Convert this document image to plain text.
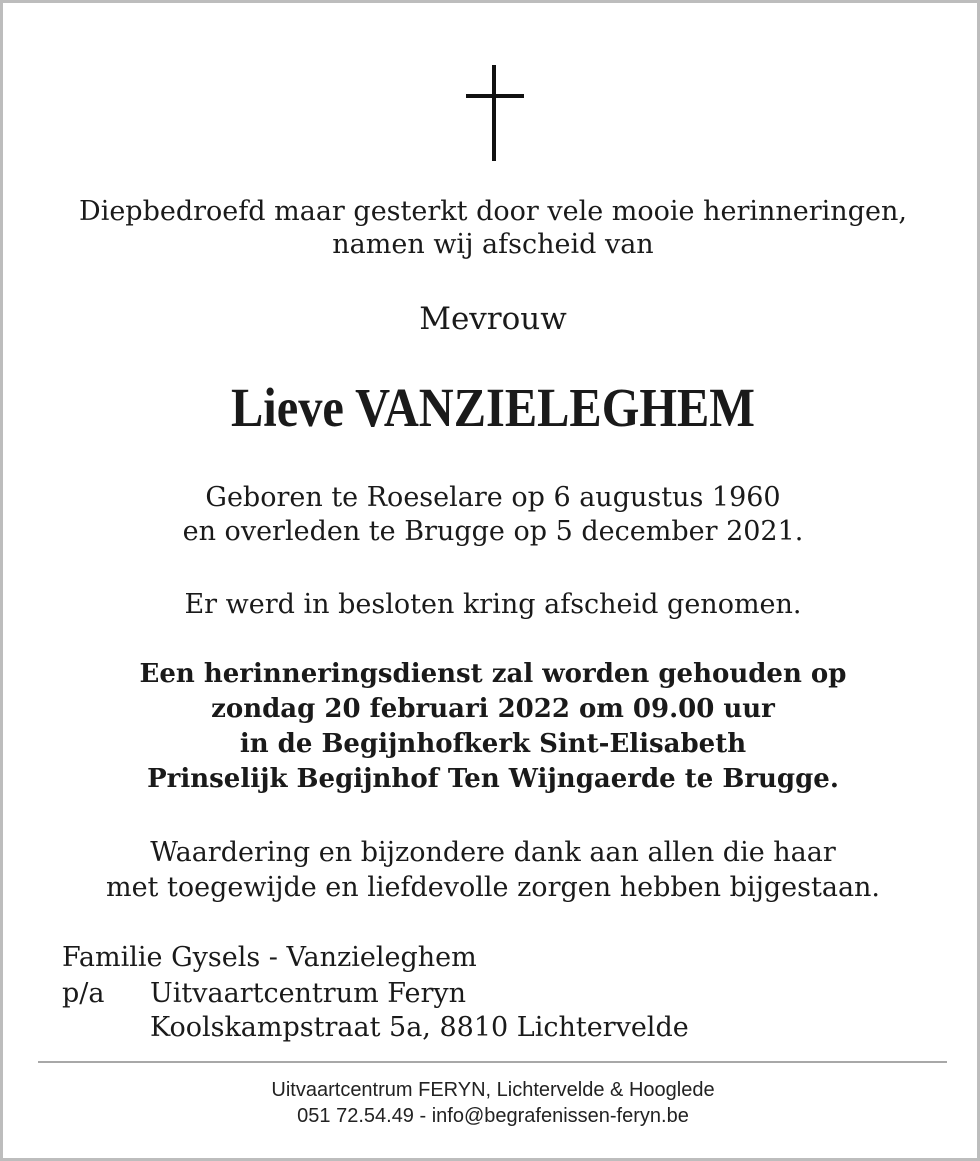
Diepbedroefd maar gesterkt door vele mooie herinneringen,
namen wij afscheid van
Mevrouw
Lieve VANZIELEGHEM
Geboren te Roeselare op 6 augustus 1960
en overleden te Brugge op 5 december 2021.
Er werd in besloten kring afscheid genomen.
Een herinneringsdienst zal worden gehouden op
zondag 20 februari 2022 om 09.00 uur
in de Begijnhofkerk Sint-Elisabeth
Prinselijk Begijnhof Ten Wijngaerde te Brugge.
Waardering en bijzondere dank aan allen die haar
met toegewijde en liefdevolle zorgen hebben bijgestaan.
Familie Gysels - Vanzieleghem
p/a Uitvaartcentrum Feryn
Koolskampstraat 5a, 8810 Lichtervelde
Uitvaartcentrum FERYN, Lichtervelde & Hooglede
051 72.54.49 - info@begrafenissen-feryn.be
